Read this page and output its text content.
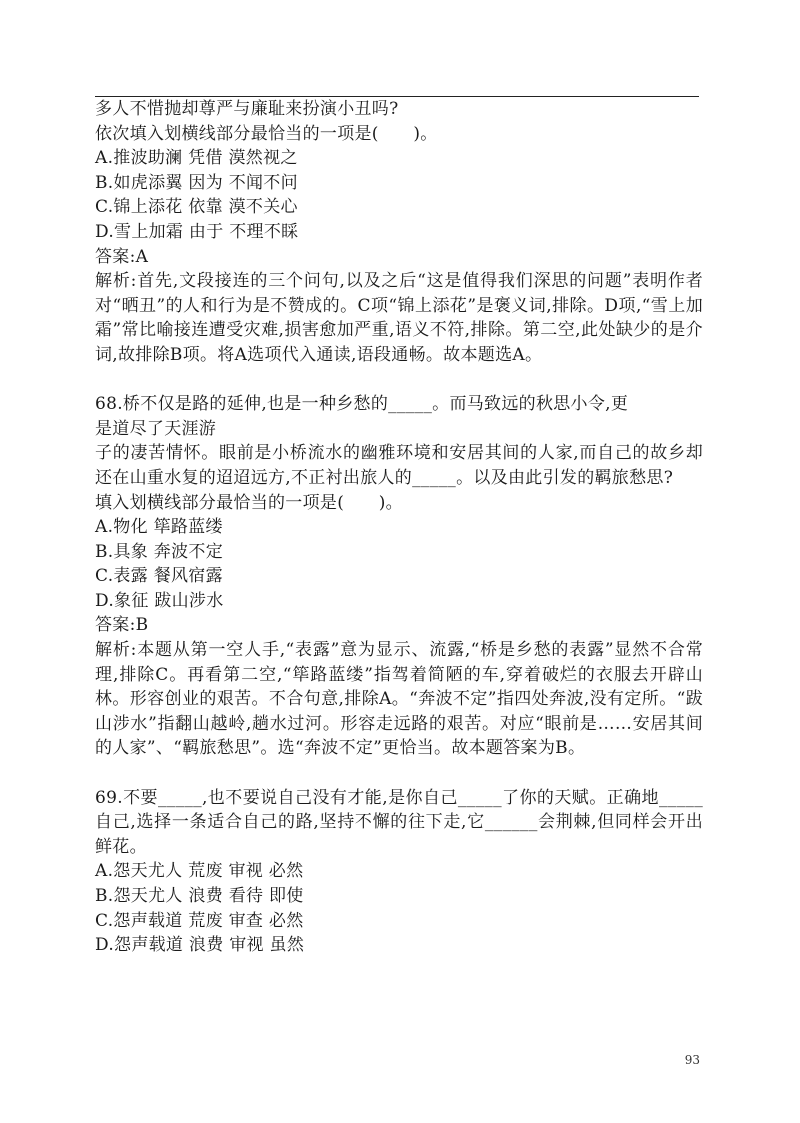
多人不惜抛却尊严与廉耻来扮演小丑吗?
依次填入划横线部分最恰当的一项是(　　)。
A.推波助澜 凭借 漠然视之
B.如虎添翼 因为 不闻不问
C.锦上添花 依靠 漠不关心
D.雪上加霜 由于 不理不睬
答案:A
解析:首先,文段接连的三个问句,以及之后“这是值得我们深思的问题”表明作者对“晒丑”的人和行为是不赞成的。C项“锦上添花”是褒义词,排除。D项,“雪上加霜”常比喻接连遭受灾难,损害愈加严重,语义不符,排除。第二空,此处缺少的是介词,故排除B项。将A选项代入通读,语段通畅。故本题选A。
68.桥不仅是路的延伸,也是一种乡愁的_____。而马致远的秋思小令,更
是道尽了天涯游
子的凄苦情怀。眼前是小桥流水的幽雅环境和安居其间的人家,而自己的故乡却还在山重水复的迢迢远方,不正衬出旅人的_____。以及由此引发的羁旅愁思?
填入划横线部分最恰当的一项是(　　)。
A.物化 筚路蓝缕
B.具象 奔波不定
C.表露 餐风宿露
D.象征 跋山涉水
答案:B
解析:本题从第一空人手,“表露”意为显示、流露,“桥是乡愁的表露”显然不合常理,排除C。再看第二空,“筚路蓝缕”指驾着简陋的车,穿着破烂的衣服去开辟山林。形容创业的艰苦。不合句意,排除A。“奔波不定”指四处奔波,没有定所。“跋山涉水”指翻山越岭,趟水过河。形容走远路的艰苦。对应“眼前是……安居其间的人家”、“羁旅愁思”。选“奔波不定”更恰当。故本题答案为B。
69.不要_____,也不要说自己没有才能,是你自己_____了你的天赋。正确地_____自己,选择一条适合自己的路,坚持不懈的往下走,它______会荆棘,但同样会开出鲜花。
A.怨天尤人 荒废 审视 必然
B.怨天尤人 浪费 看待 即使
C.怨声载道 荒废 审查 必然
D.怨声载道 浪费 审视 虽然
93
